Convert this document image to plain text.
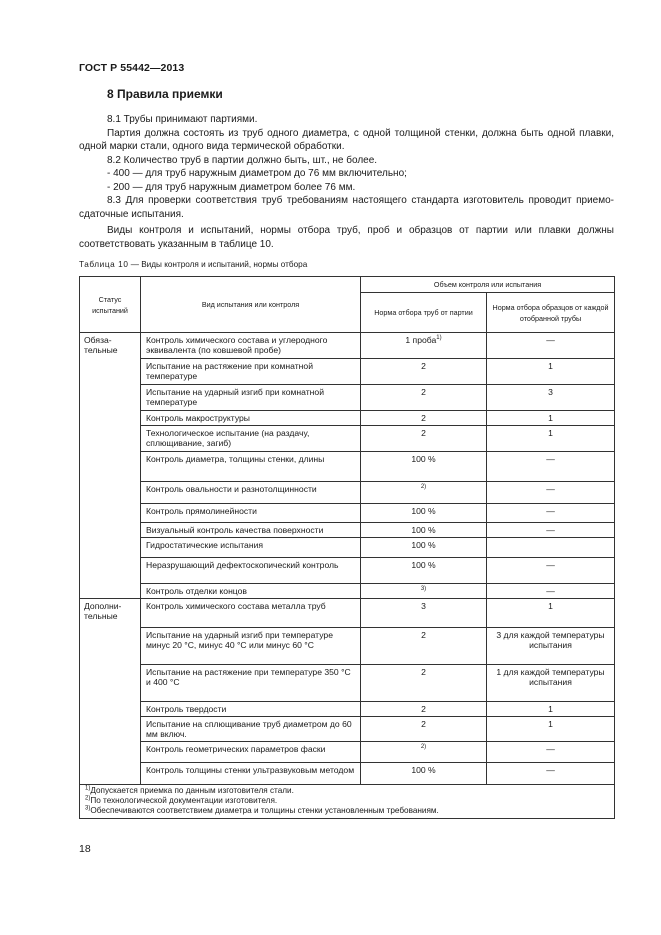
ГОСТ Р 55442—2013
8 Правила приемки

8.1 Трубы принимают партиями.

Партия должна состоять из труб одного диаметра, с одной толщиной стенки, должна быть одной плавки, одной марки стали, одного вида термической обработки.

8.2 Количество труб в партии должно быть, шт., не более.

- 400 — для труб наружным диаметром до 76 мм включительно;

- 200 — для труб наружным диаметром более 76 мм.

8.3 Для проверки соответствия труб требованиям настоящего стандарта изготовитель проводит приемо-сдаточные испытания.

Виды контроля и испытаний, нормы отбора труб, проб и образцов от партии или плавки должны соответствовать указанным в таблице 10.

Таблица 10 — Виды контроля и испытаний, нормы отбора
Статус испытаний	Вид испытания или контроля	Объем контроля или испытания	
		Норма отбора труб от партии	Норма отбора образцов от каждой отобранной трубы
Обяза-тельные	Контроль химического состава и углеродного эквивалента (по ковшевой пробе)	1 проба$^{1)}$	—
	Испытание на растяжение при комнатной температуре	2	1
	Испытание на ударный изгиб при комнатной температуре	2	3
	Контроль макроструктуры	2	1
	Технологическое испытание (на раздачу, сплющивание, загиб)	2	1
	Контроль диаметра, толщины стенки, длины	100 %	—
	Контроль овальности и разнотолщинности	$^{2)}$	—
	Контроль прямолинейности	100 %	—
	Визуальный контроль качества поверхности	100 %	—
	Гидростатические испытания	100 %	
	Неразрушающий дефектоскопический контроль	100 %	—
	Контроль отделки концов	$^{3)}$	—
Дополни-тельные	Контроль химического состава металла труб	3	1
	Испытание на ударный изгиб при температуре минус 20 °С, минус 40 °С или минус 60 °С	2	3 для каждой температуры испытания
	Испытание на растяжение при температуре 350 °С и 400 °С	2	1 для каждой температуры испытания
	Контроль твердости	2	1
	Испытание на сплющивание труб диаметром до 60 мм включ.	2	1
	Контроль геометрических параметров фаски	$^{2)}$	—
	Контроль толщины стенки ультразвуковым методом	100 %	—

$^{1)}$Допускается приемка по данным изготовителя стали.
$^{2)}$По технологической документации изготовителя.
$^{3)}$Обеспечиваются соответствием диаметра и толщины стенки установленным требованиям.			
18
